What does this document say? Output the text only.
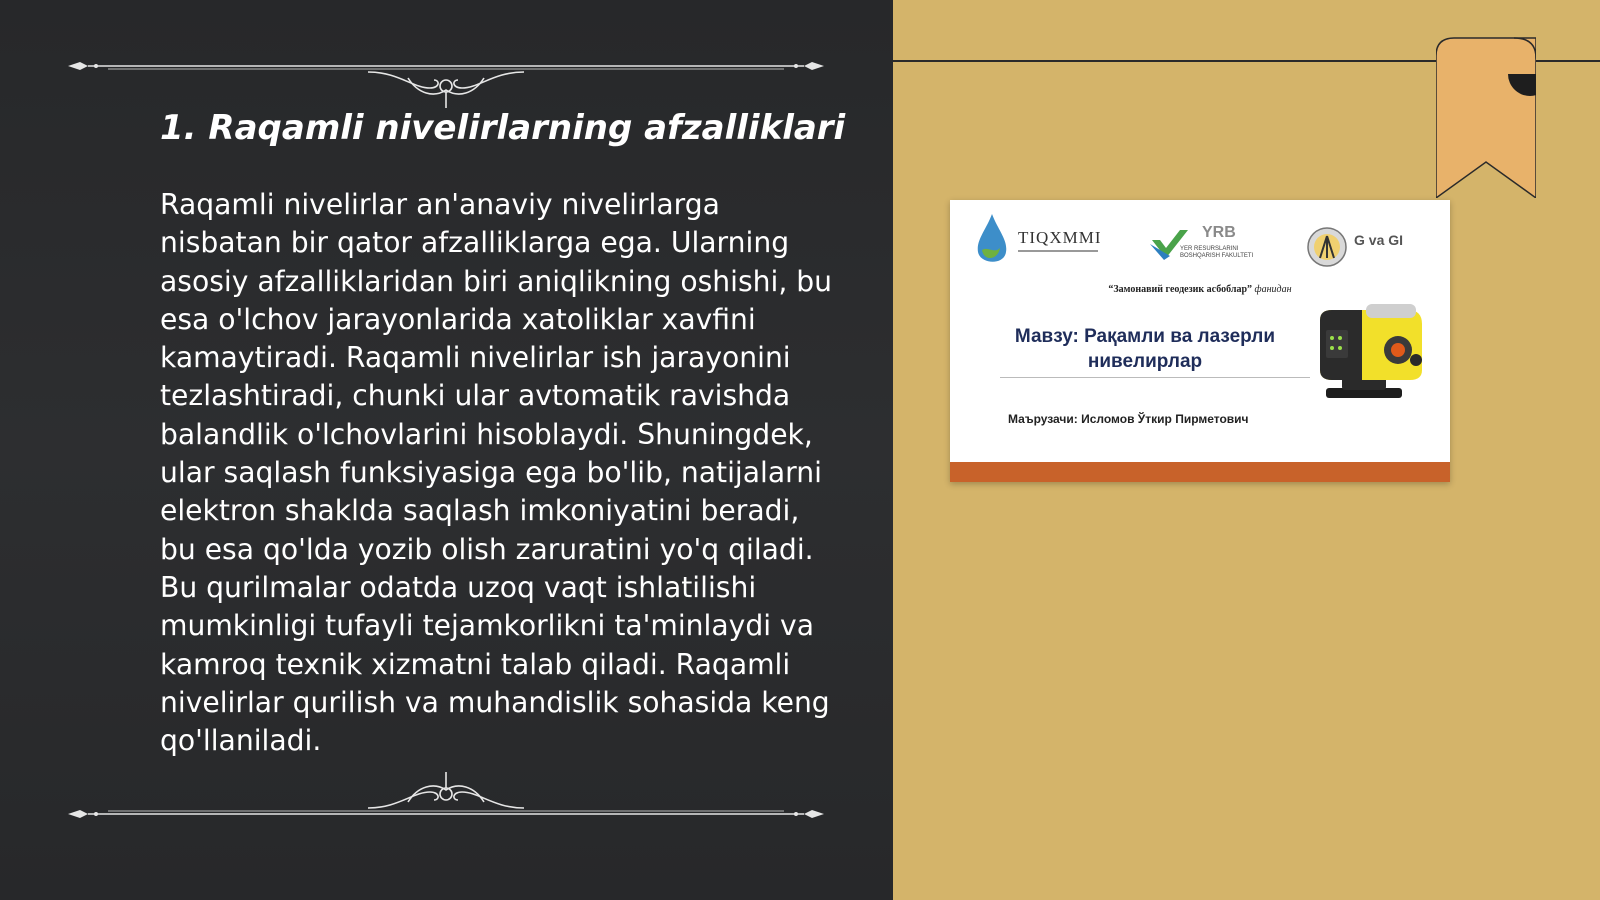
1. Raqamli nivelirlarning afzalliklari

Raqamli nivelirlar an'anaviy nivelirlarga nisbatan bir qator afzalliklarga ega. Ularning asosiy afzalliklaridan biri aniqlikning oshishi, bu esa o'lchov jarayonlarida xatoliklar xavfini kamaytiradi. Raqamli nivelirlar ish jarayonini tezlashtiradi, chunki ular avtomatik ravishda balandlik o'lchovlarini hisoblaydi. Shuningdek, ular saqlash funksiyasiga ega bo'lib, natijalarni elektron shaklda saqlash imkoniyatini beradi, bu esa qo'lda yozib olish zaruratini yo'q qiladi. Bu qurilmalar odatda uzoq vaqt ishlatilishi mumkinligi tufayli tejamkorlikni ta'minlaydi va kamroq texnik xizmatni talab qiladi. Raqamli nivelirlar qurilish va muhandislik sohasida keng qo'llaniladi.

TIQXMMI	YRB
YER RESURSLARINI BOSHQARISH FAKULTETI
G va GI
“Замонавий геодезик асбоблар” фанидан
Мавзу: Рақамли ва лазерли нивелирлар
Маърузачи: Исломов Ўткир Пирметович
